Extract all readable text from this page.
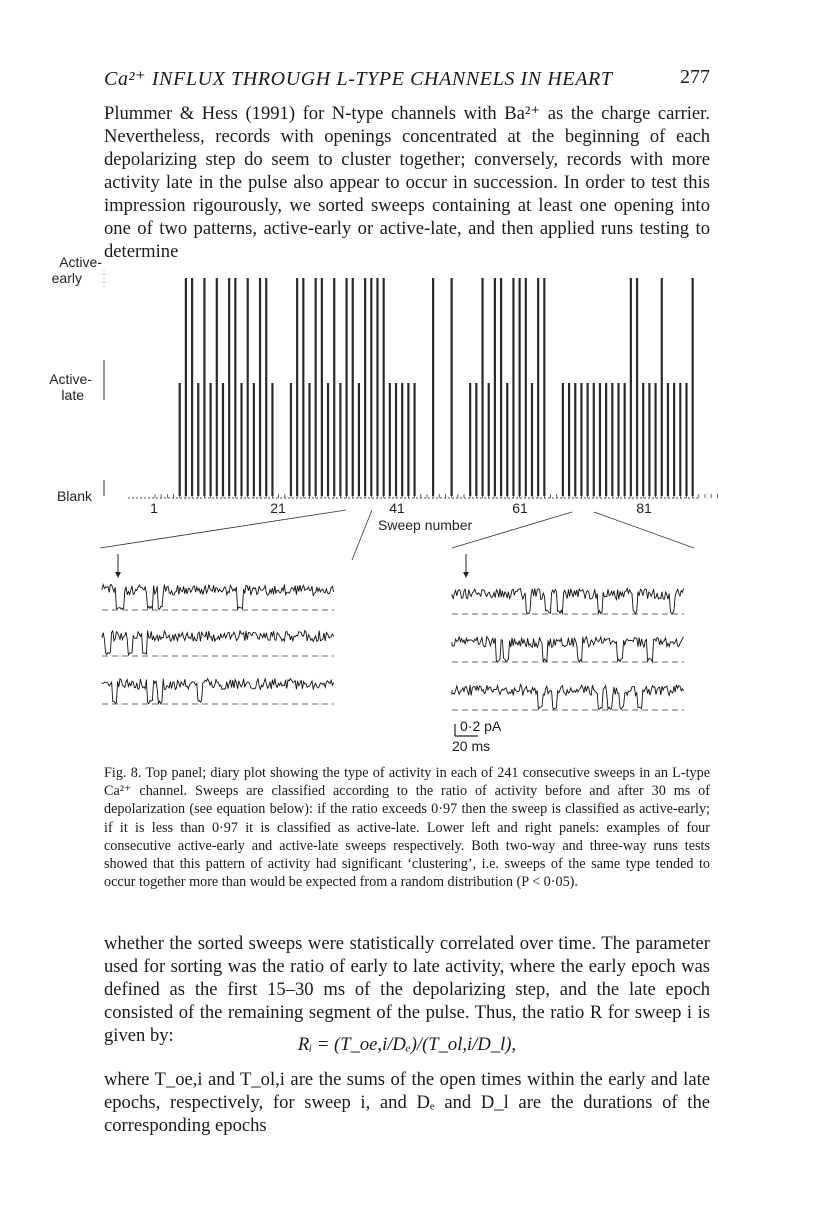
Ca²⁺ INFLUX THROUGH L-TYPE CHANNELS IN HEART	277

Plummer & Hess (1991) for N-type channels with Ba²⁺ as the charge carrier. Nevertheless, records with openings concentrated at the beginning of each depolarizing step do seem to cluster together; conversely, records with more activity late in the pulse also appear to occur in succession. In order to test this impression rigourously, we sorted sweeps containing at least one opening into one of two patterns, active-early or active-late, and then applied runs testing to determine

Active-
early
Active-
late
Blank
1	21	41	61	81
Sweep number
0·2 pA
20 ms

Fig. 8. Top panel; diary plot showing the type of activity in each of 241 consecutive sweeps in an L-type Ca²⁺ channel. Sweeps are classified according to the ratio of activity before and after 30 ms of depolarization (see equation below): if the ratio exceeds 0·97 then the sweep is classified as active-early; if it is less than 0·97 it is classified as active-late. Lower left and right panels: examples of four consecutive active-early and active-late sweeps respectively. Both two-way and three-way runs tests showed that this pattern of activity had significant ‘clustering’, i.e. sweeps of the same type tended to occur together more than would be expected from a random distribution (P < 0·05).

whether the sorted sweeps were statistically correlated over time. The parameter used for sorting was the ratio of early to late activity, where the early epoch was defined as the first 15–30 ms of the depolarizing step, and the late epoch consisted of the remaining segment of the pulse. Thus, the ratio R for sweep i is given by:	Rᵢ = (T_oe,i/Dₑ)/(T_ol,i/D_l),

where T_oe,i and T_ol,i are the sums of the open times within the early and late epochs, respectively, for sweep i, and Dₑ and D_l are the durations of the corresponding epochs
